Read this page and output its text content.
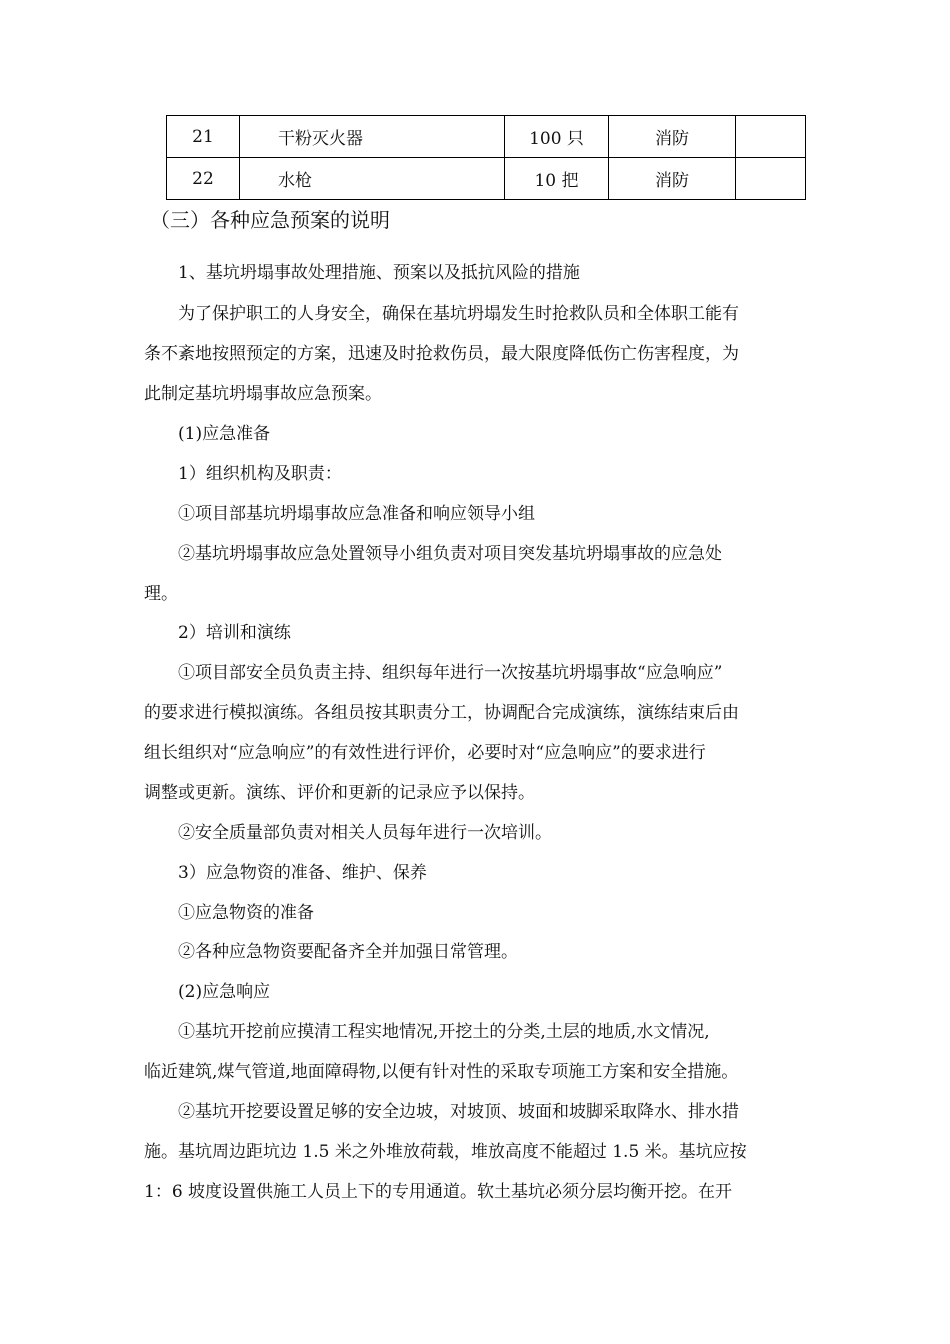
21	干粉灭火器	100 只	消防	
22	水枪	10 把	消防	
（三）各种应急预案的说明
1、基坑坍塌事故处理措施、预案以及抵抗风险的措施
为了保护职工的人身安全，确保在基坑坍塌发生时抢救队员和全体职工能有
条不紊地按照预定的方案，迅速及时抢救伤员，最大限度降低伤亡伤害程度，为
此制定基坑坍塌事故应急预案。
(1)应急准备
1）组织机构及职责：
①项目部基坑坍塌事故应急准备和响应领导小组
②基坑坍塌事故应急处置领导小组负责对项目突发基坑坍塌事故的应急处
理。
2）培训和演练
①项目部安全员负责主持、组织每年进行一次按基坑坍塌事故“应急响应”
的要求进行模拟演练。各组员按其职责分工，协调配合完成演练，演练结束后由
组长组织对“应急响应”的有效性进行评价，必要时对“应急响应”的要求进行
调整或更新。演练、评价和更新的记录应予以保持。
②安全质量部负责对相关人员每年进行一次培训。
3）应急物资的准备、维护、保养
①应急物资的准备
②各种应急物资要配备齐全并加强日常管理。
(2)应急响应
①基坑开挖前应摸清工程实地情况,开挖土的分类,土层的地质,水文情况,
临近建筑,煤气管道,地面障碍物,以便有针对性的采取专项施工方案和安全措施。
②基坑开挖要设置足够的安全边坡，对坡顶、坡面和坡脚采取降水、排水措
施。基坑周边距坑边 1.5 米之外堆放荷载，堆放高度不能超过 1.5 米。基坑应按
1：6 坡度设置供施工人员上下的专用通道。软土基坑必须分层均衡开挖。在开
